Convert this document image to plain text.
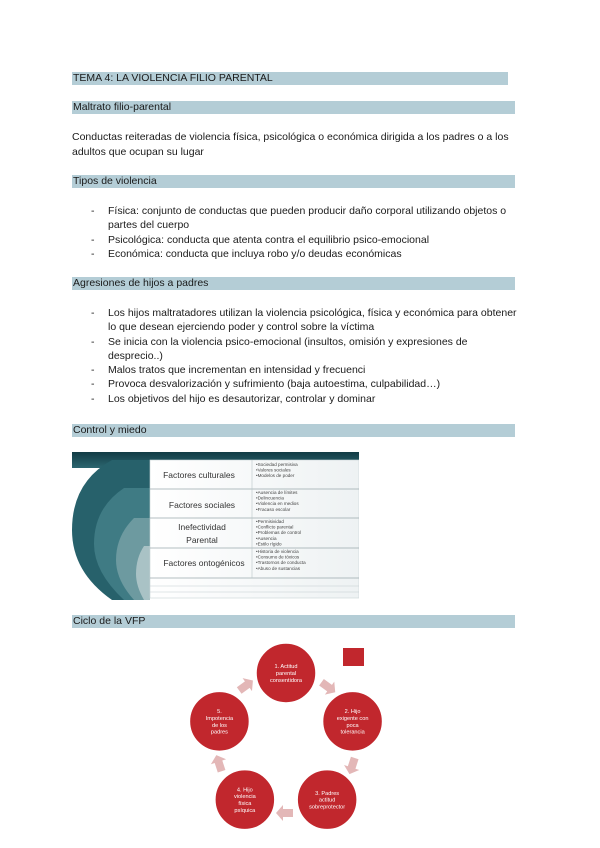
TEMA 4: LA VIOLENCIA FILIO PARENTAL
Maltrato filio-parental
Conductas reiteradas de violencia física, psicológica o económica dirigida a los padres o a los adultos que ocupan su lugar
Tipos de violencia
- Física: conjunto de conductas que pueden producir daño corporal utilizando objetos o partes del cuerpo
- Psicológica: conducta que atenta contra el equilibrio psico-emocional
- Económica: conducta que incluya robo y/o deudas económicas
Agresiones de hijos a padres
- Los hijos maltratadores utilizan la violencia psicológica, física y económica para obtener lo que desean ejerciendo poder y control sobre la víctima
- Se inicia con la violencia psico-emocional (insultos, omisión y expresiones de desprecio..)
- Malos tratos que incrementan en intensidad y frecuenci
- Provoca desvalorización y sufrimiento (baja autoestima, culpabilidad…)
- Los objetivos del hijo es desautorizar, controlar y dominar
Control y miedo
Factores culturales
Factores sociales
Factores ontogénicos
Inefectividad
Parental
•Sociedad permisiva
•Valores sociales
•Modelos de poder
•Ausencia de límites
•Delincuencia
•Violencia en medios
•Fracaso escolar
•Permisividad
•Conflicto parental
•Problemas de control
•Ausencia
•Estilo rígido
•Historia de violencia
•Consumo de tóxicos
•Trastornos de conducta
•Abuso de sustancias
Ciclo de la VFP
1. Actitud parental consentidora
2. Hijo exigente con poca tolerancia
3. Padres actitud sobreprotector
4. Hijo violencia física psíquica
5. Impotencia de los padres
